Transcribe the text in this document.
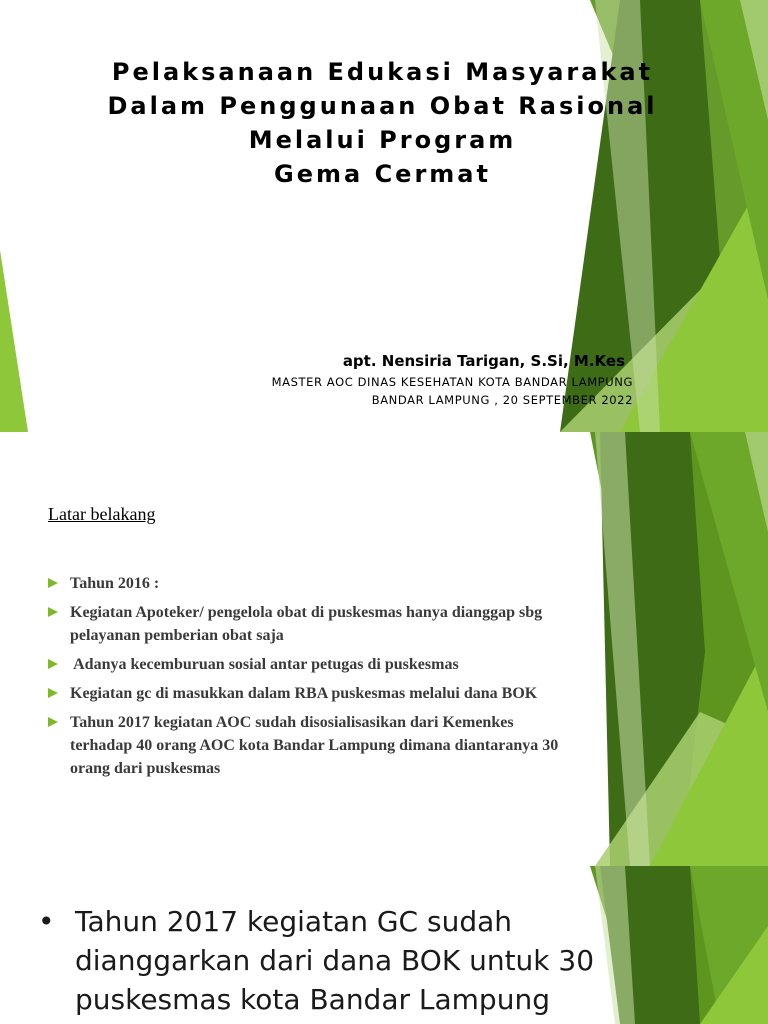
Pelaksanaan Edukasi Masyarakat
Dalam Penggunaan Obat Rasional
Melalui Program
Gema Cermat
apt. Nensiria Tarigan, S.Si, M.Kes
MASTER AOC DINAS KESEHATAN KOTA BANDAR LAMPUNG
BANDAR LAMPUNG , 20 SEPTEMBER 2022
Latar belakang
Tahun 2016 :
Kegiatan Apoteker/ pengelola obat di puskesmas hanya dianggap sbg pelayanan pemberian obat saja
Adanya kecemburuan sosial antar petugas di puskesmas
Kegiatan gc di masukkan dalam RBA puskesmas melalui dana BOK
Tahun 2017 kegiatan AOC sudah disosialisasikan dari Kemenkes terhadap 40 orang AOC kota Bandar Lampung dimana diantaranya 30 orang dari puskesmas
• Tahun 2017 kegiatan GC sudah dianggarkan dari dana BOK untuk 30 puskesmas kota Bandar Lampung
